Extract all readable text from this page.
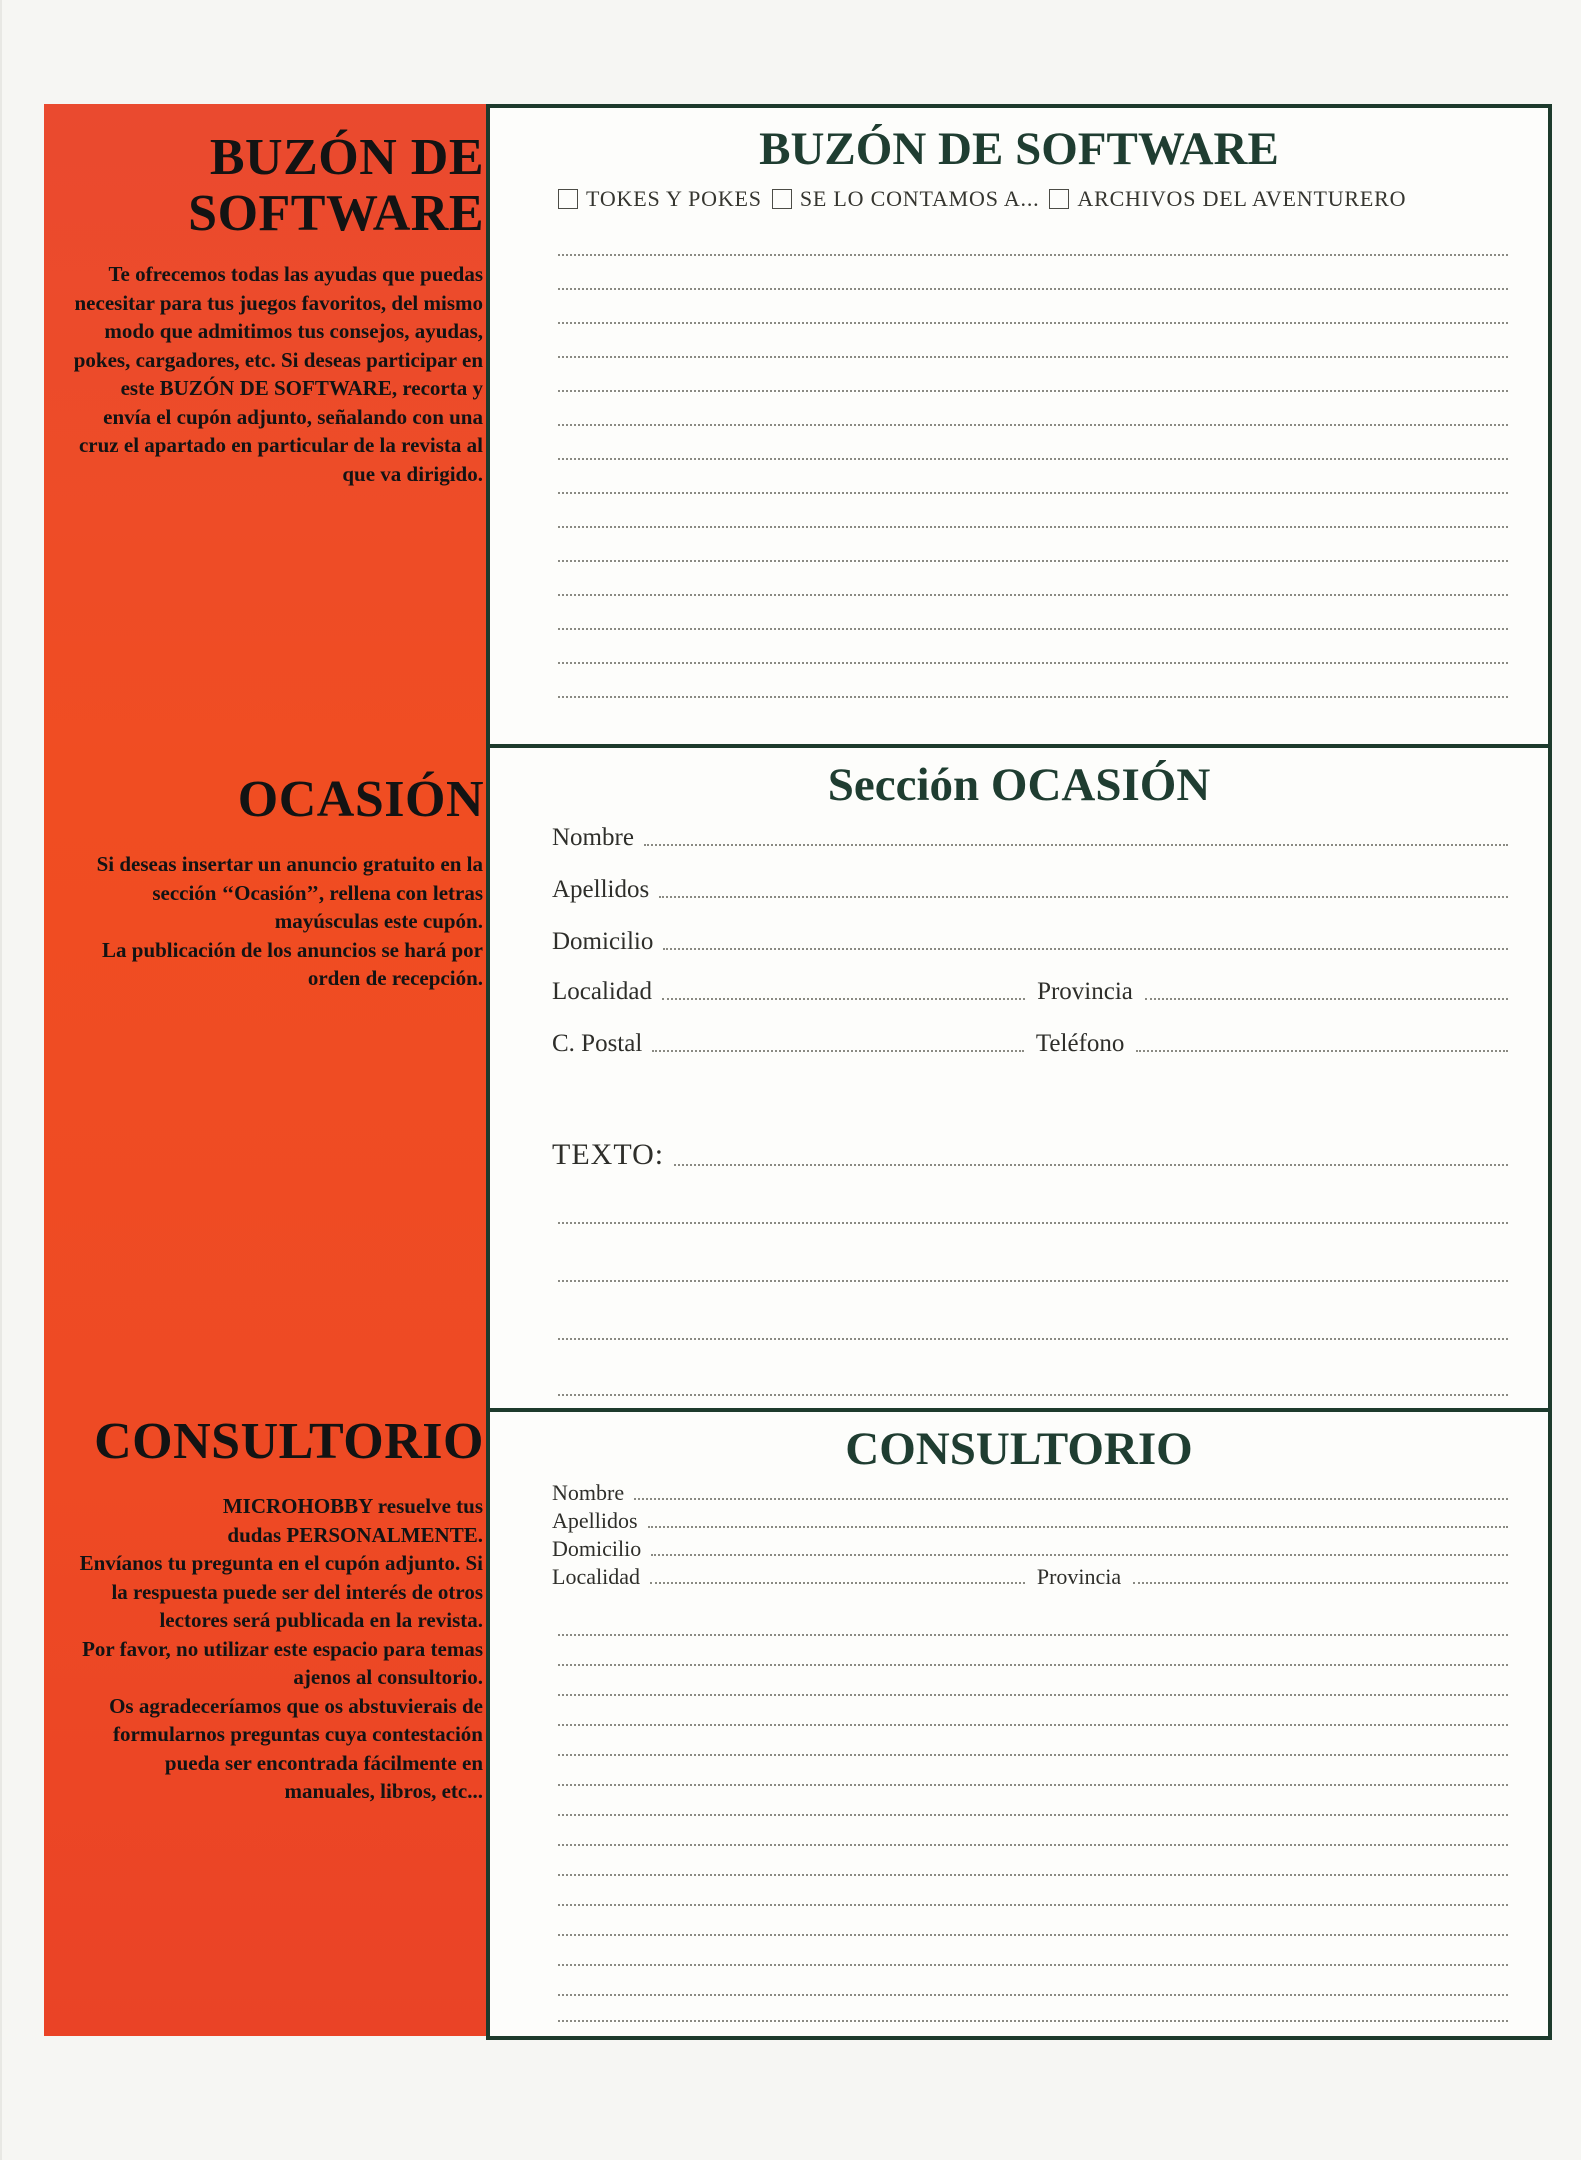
BUZÓN DE
SOFTWARE

Te ofrecemos todas las ayudas que puedas necesitar para tus juegos favoritos, del mismo modo que admitimos tus consejos, ayudas, pokes, cargadores, etc. Si deseas participar en este BUZÓN DE SOFTWARE, recorta y envía el cupón adjunto, señalando con una cruz el apartado en particular de la revista al que va dirigido.

OCASIÓN

Si deseas insertar un anuncio gratuito en la sección ‘‘Ocasión’’, rellena con letras mayúsculas este cupón.

La publicación de los anuncios se hará por orden de recepción.

CONSULTORIO

MICROHOBBY resuelve tus dudas PERSONALMENTE.

Envíanos tu pregunta en el cupón adjunto. Si la respuesta puede ser del interés de otros lectores será publicada en la revista.

Por favor, no utilizar este espacio para temas ajenos al consultorio.

Os agradeceríamos que os abstuvierais de formularnos preguntas cuya contestación pueda ser encontrada fácilmente en manuales, libros, etc...

BUZÓN DE SOFTWARE
TOKES Y POKES SE LO CONTAMOS A... ARCHIVOS DEL AVENTURERO
Sección OCASIÓN
Nombre
Apellidos
Domicilio
Localidad	Provincia
C. Postal	Teléfono
TEXTO:
CONSULTORIO
Nombre
Apellidos
Domicilio
Localidad	Provincia
